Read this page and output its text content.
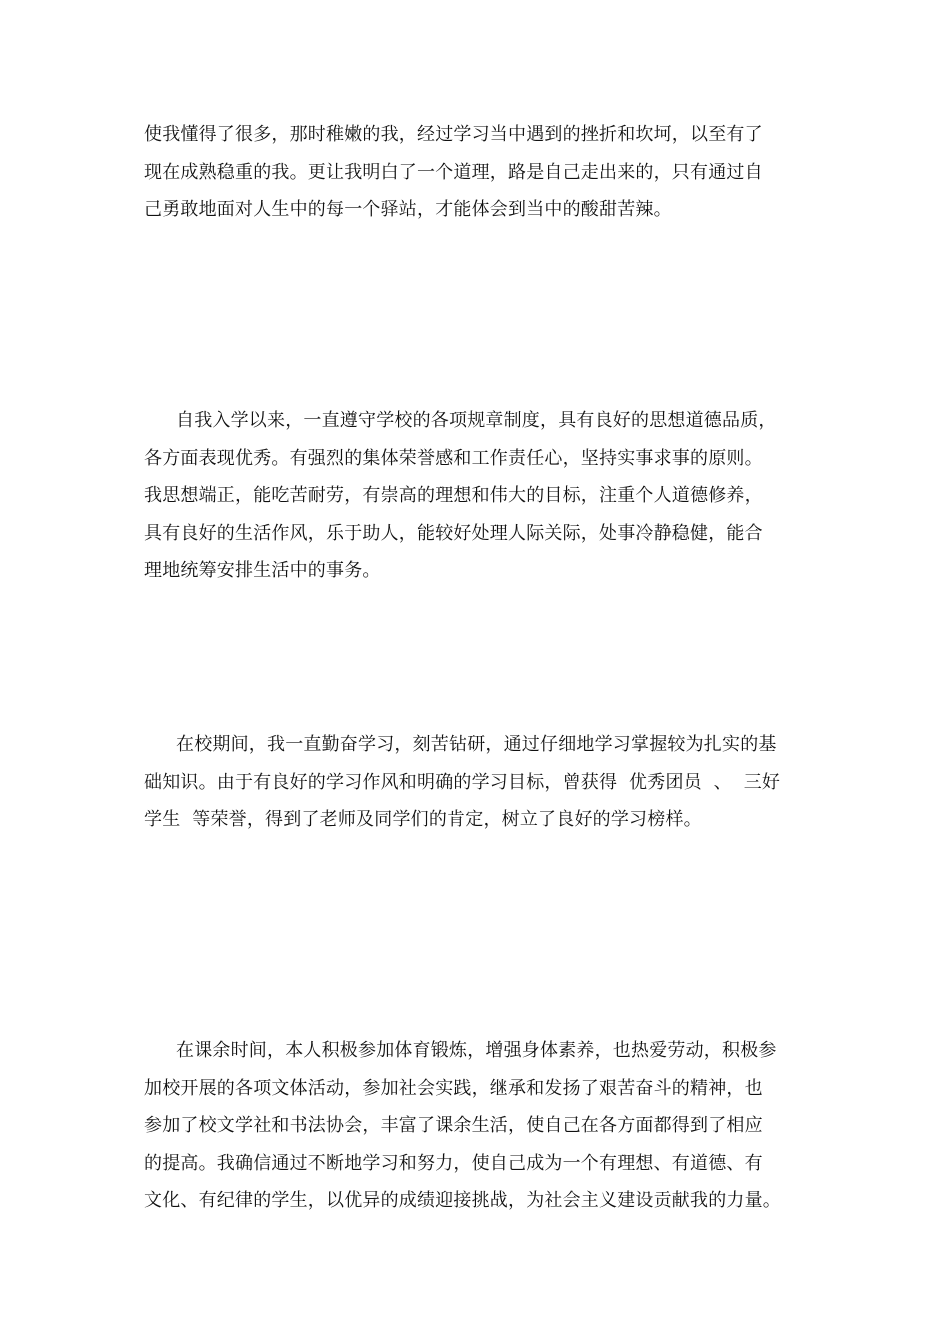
使我懂得了很多，那时稚嫩的我，经过学习当中遇到的挫折和坎坷，以至有了
现在成熟稳重的我。更让我明白了一个道理，路是自己走出来的，只有通过自
己勇敢地面对人生中的每一个驿站，才能体会到当中的酸甜苦辣。
自我入学以来，一直遵守学校的各项规章制度，具有良好的思想道德品质，
各方面表现优秀。有强烈的集体荣誉感和工作责任心，坚持实事求事的原则。
我思想端正，能吃苦耐劳，有崇高的理想和伟大的目标，注重个人道德修养，
具有良好的生活作风，乐于助人，能较好处理人际关际，处事冷静稳健，能合
理地统筹安排生活中的事务。
在校期间，我一直勤奋学习，刻苦钻研，通过仔细地学习掌握较为扎实的基
础知识。由于有良好的学习作风和明确的学习目标，曾获得  优秀团员  、  三好
学生  等荣誉，得到了老师及同学们的肯定，树立了良好的学习榜样。
在课余时间，本人积极参加体育锻炼，增强身体素养，也热爱劳动，积极参
加校开展的各项文体活动，参加社会实践，继承和发扬了艰苦奋斗的精神，也
参加了校文学社和书法协会，丰富了课余生活，使自己在各方面都得到了相应
的提高。我确信通过不断地学习和努力，使自己成为一个有理想、有道德、有
文化、有纪律的学生，以优异的成绩迎接挑战，为社会主义建设贡献我的力量。
